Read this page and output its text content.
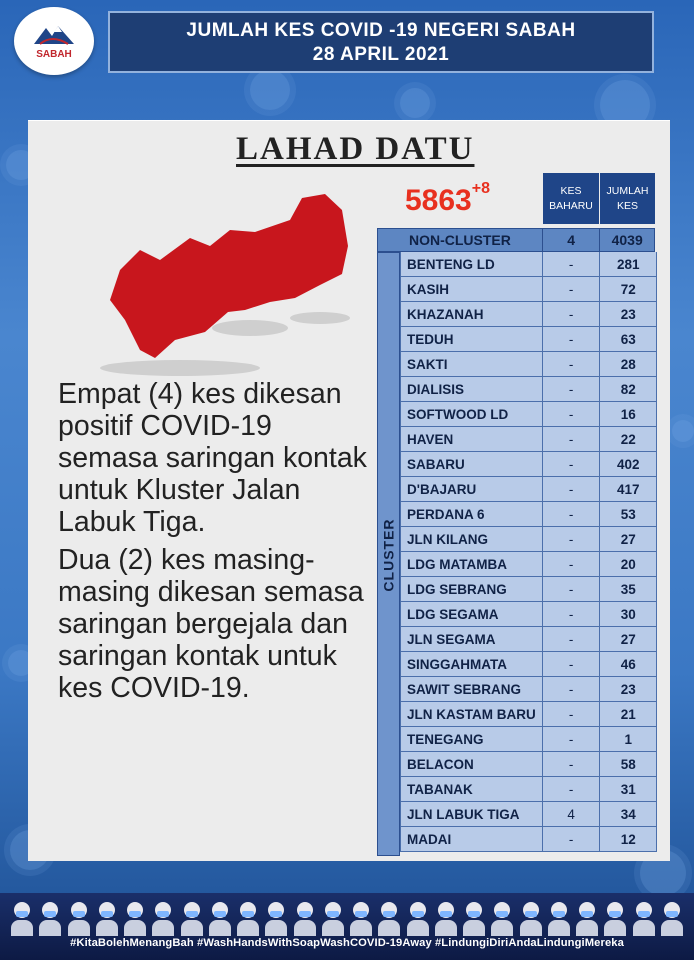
SABAH
JUMLAH KES COVID -19 NEGERI SABAH
28 APRIL 2021
LAHAD DATU
$5863^{+8}$

Empat (4) kes dikesan positif COVID-19 semasa saringan kontak untuk Kluster Jalan Labuk Tiga.

Dua (2) kes masing-masing dikesan semasa saringan bergejala dan saringan kontak untuk kes COVID-19.

KES BAHARU
JUMLAH KES
NON-CLUSTER	4	4039
CLUSTER
BENTENG LD	-	281
KASIH	-	72
KHAZANAH	-	23
TEDUH	-	63
SAKTI	-	28
DIALISIS	-	82
SOFTWOOD LD	-	16
HAVEN	-	22
SABARU	-	402
D'BAJARU	-	417
PERDANA 6	-	53
JLN KILANG	-	27
LDG MATAMBA	-	20
LDG SEBRANG	-	35
LDG SEGAMA	-	30
JLN SEGAMA	-	27
SINGGAHMATA	-	46
SAWIT SEBRANG	-	23
JLN KASTAM BARU	-	21
TENEGANG	-	1
BELACON	-	58
TABANAK	-	31
JLN LABUK TIGA	4	34
MADAI	-	12
#KitaBolehMenangBah #WashHandsWithSoapWashCOVID-19Away #LindungiDiriAndaLindungiMereka
